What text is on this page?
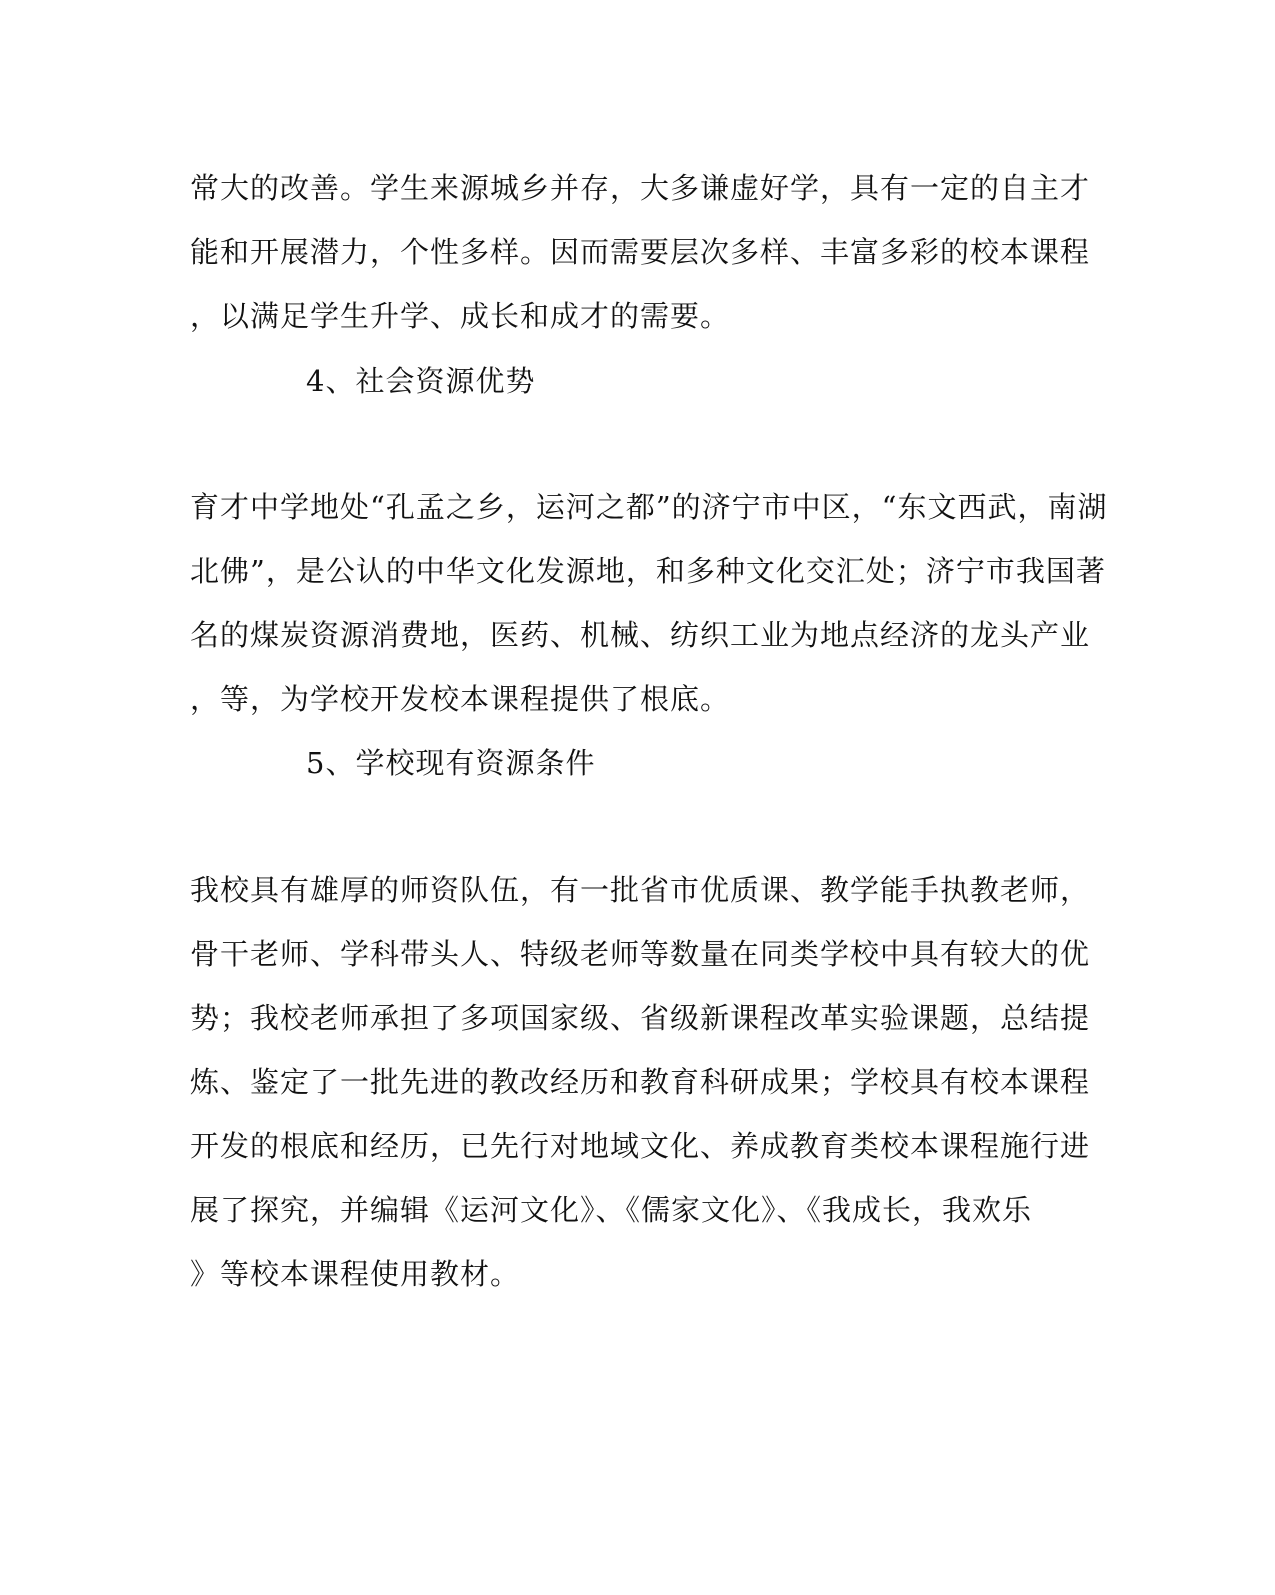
常大的改善。学生来源城乡并存，大多谦虚好学，具有一定的自主才
能和开展潜力，个性多样。因而需要层次多样、丰富多彩的校本课程
，以满足学生升学、成长和成才的需要。
4、社会资源优势
育才中学地处“孔孟之乡，运河之都”的济宁市中区，“东文西武，南湖
北佛”，是公认的中华文化发源地，和多种文化交汇处；济宁市我国著
名的煤炭资源消费地，医药、机械、纺织工业为地点经济的龙头产业
，等，为学校开发校本课程提供了根底。
5、学校现有资源条件
我校具有雄厚的师资队伍，有一批省市优质课、教学能手执教老师，
骨干老师、学科带头人、特级老师等数量在同类学校中具有较大的优
势；我校老师承担了多项国家级、省级新课程改革实验课题，总结提
炼、鉴定了一批先进的教改经历和教育科研成果；学校具有校本课程
开发的根底和经历，已先行对地域文化、养成教育类校本课程施行进
展了探究，并编辑《运河文化》、《儒家文化》、《我成长，我欢乐
》等校本课程使用教材。
